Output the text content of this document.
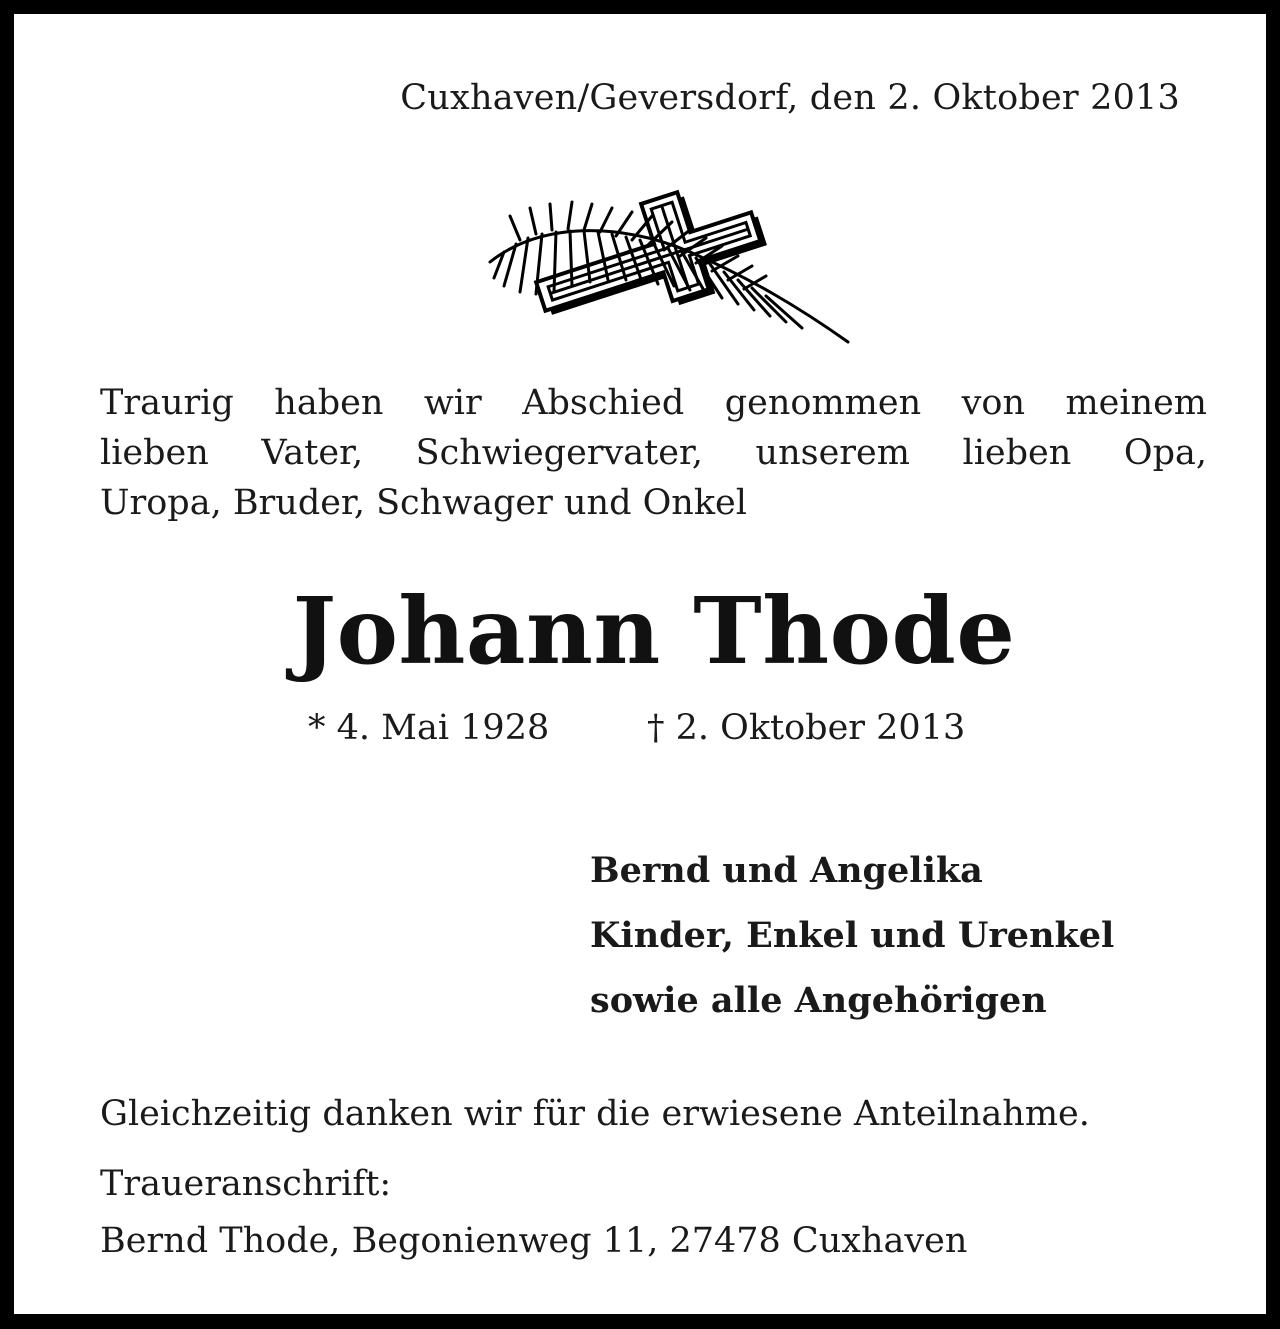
Cuxhaven/Geversdorf, den 2. Oktober 2013
Traurig haben wir Abschied genommen von meinem
lieben Vater, Schwiegervater, unserem lieben Opa,
Uropa, Bruder, Schwager und Onkel
Johann Thode
* 4. Mai 1928	† 2. Oktober 2013
Bernd und Angelika
Kinder, Enkel und Urenkel
sowie alle Angehörigen
Gleichzeitig danken wir für die erwiesene Anteilnahme.
Traueranschrift:
Bernd Thode, Begonienweg 11, 27478 Cuxhaven
